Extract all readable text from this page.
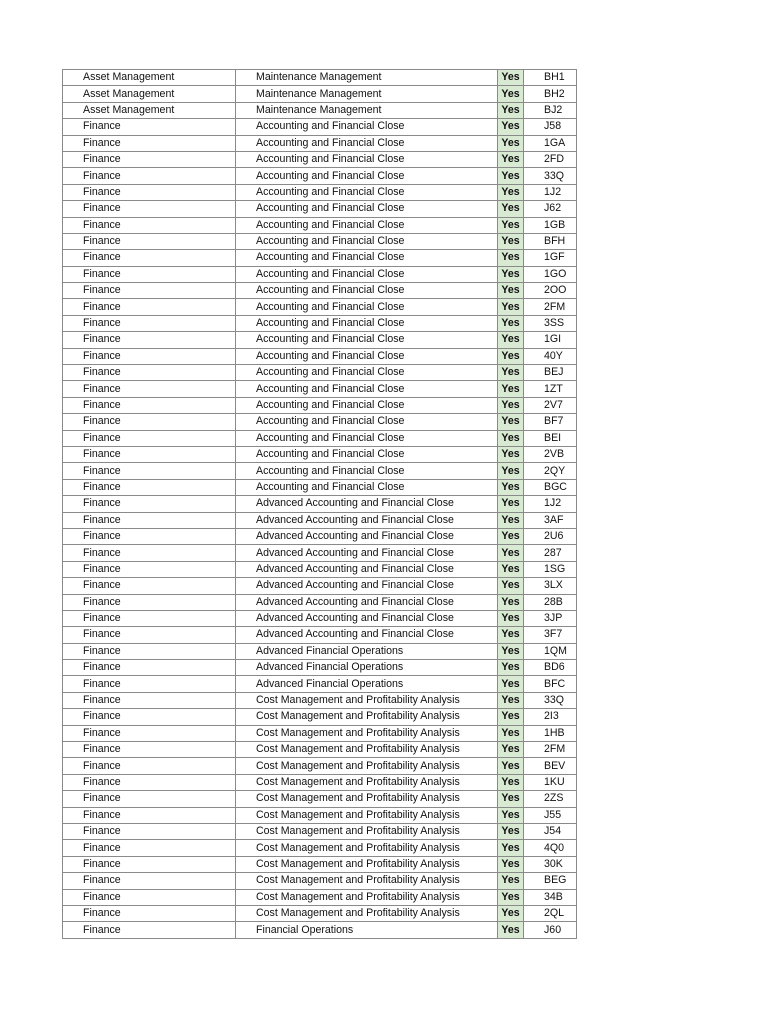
Asset Management	Maintenance Management	Yes	BH1
Asset Management	Maintenance Management	Yes	BH2
Asset Management	Maintenance Management	Yes	BJ2
Finance	Accounting and Financial Close	Yes	J58
Finance	Accounting and Financial Close	Yes	1GA
Finance	Accounting and Financial Close	Yes	2FD
Finance	Accounting and Financial Close	Yes	33Q
Finance	Accounting and Financial Close	Yes	1J2
Finance	Accounting and Financial Close	Yes	J62
Finance	Accounting and Financial Close	Yes	1GB
Finance	Accounting and Financial Close	Yes	BFH
Finance	Accounting and Financial Close	Yes	1GF
Finance	Accounting and Financial Close	Yes	1GO
Finance	Accounting and Financial Close	Yes	2OO
Finance	Accounting and Financial Close	Yes	2FM
Finance	Accounting and Financial Close	Yes	3SS
Finance	Accounting and Financial Close	Yes	1GI
Finance	Accounting and Financial Close	Yes	40Y
Finance	Accounting and Financial Close	Yes	BEJ
Finance	Accounting and Financial Close	Yes	1ZT
Finance	Accounting and Financial Close	Yes	2V7
Finance	Accounting and Financial Close	Yes	BF7
Finance	Accounting and Financial Close	Yes	BEI
Finance	Accounting and Financial Close	Yes	2VB
Finance	Accounting and Financial Close	Yes	2QY
Finance	Accounting and Financial Close	Yes	BGC
Finance	Advanced Accounting and Financial Close	Yes	1J2
Finance	Advanced Accounting and Financial Close	Yes	3AF
Finance	Advanced Accounting and Financial Close	Yes	2U6
Finance	Advanced Accounting and Financial Close	Yes	287
Finance	Advanced Accounting and Financial Close	Yes	1SG
Finance	Advanced Accounting and Financial Close	Yes	3LX
Finance	Advanced Accounting and Financial Close	Yes	28B
Finance	Advanced Accounting and Financial Close	Yes	3JP
Finance	Advanced Accounting and Financial Close	Yes	3F7
Finance	Advanced Financial Operations	Yes	1QM
Finance	Advanced Financial Operations	Yes	BD6
Finance	Advanced Financial Operations	Yes	BFC
Finance	Cost Management and Profitability Analysis	Yes	33Q
Finance	Cost Management and Profitability Analysis	Yes	2I3
Finance	Cost Management and Profitability Analysis	Yes	1HB
Finance	Cost Management and Profitability Analysis	Yes	2FM
Finance	Cost Management and Profitability Analysis	Yes	BEV
Finance	Cost Management and Profitability Analysis	Yes	1KU
Finance	Cost Management and Profitability Analysis	Yes	2ZS
Finance	Cost Management and Profitability Analysis	Yes	J55
Finance	Cost Management and Profitability Analysis	Yes	J54
Finance	Cost Management and Profitability Analysis	Yes	4Q0
Finance	Cost Management and Profitability Analysis	Yes	30K
Finance	Cost Management and Profitability Analysis	Yes	BEG
Finance	Cost Management and Profitability Analysis	Yes	34B
Finance	Cost Management and Profitability Analysis	Yes	2QL
Finance	Financial Operations	Yes	J60
